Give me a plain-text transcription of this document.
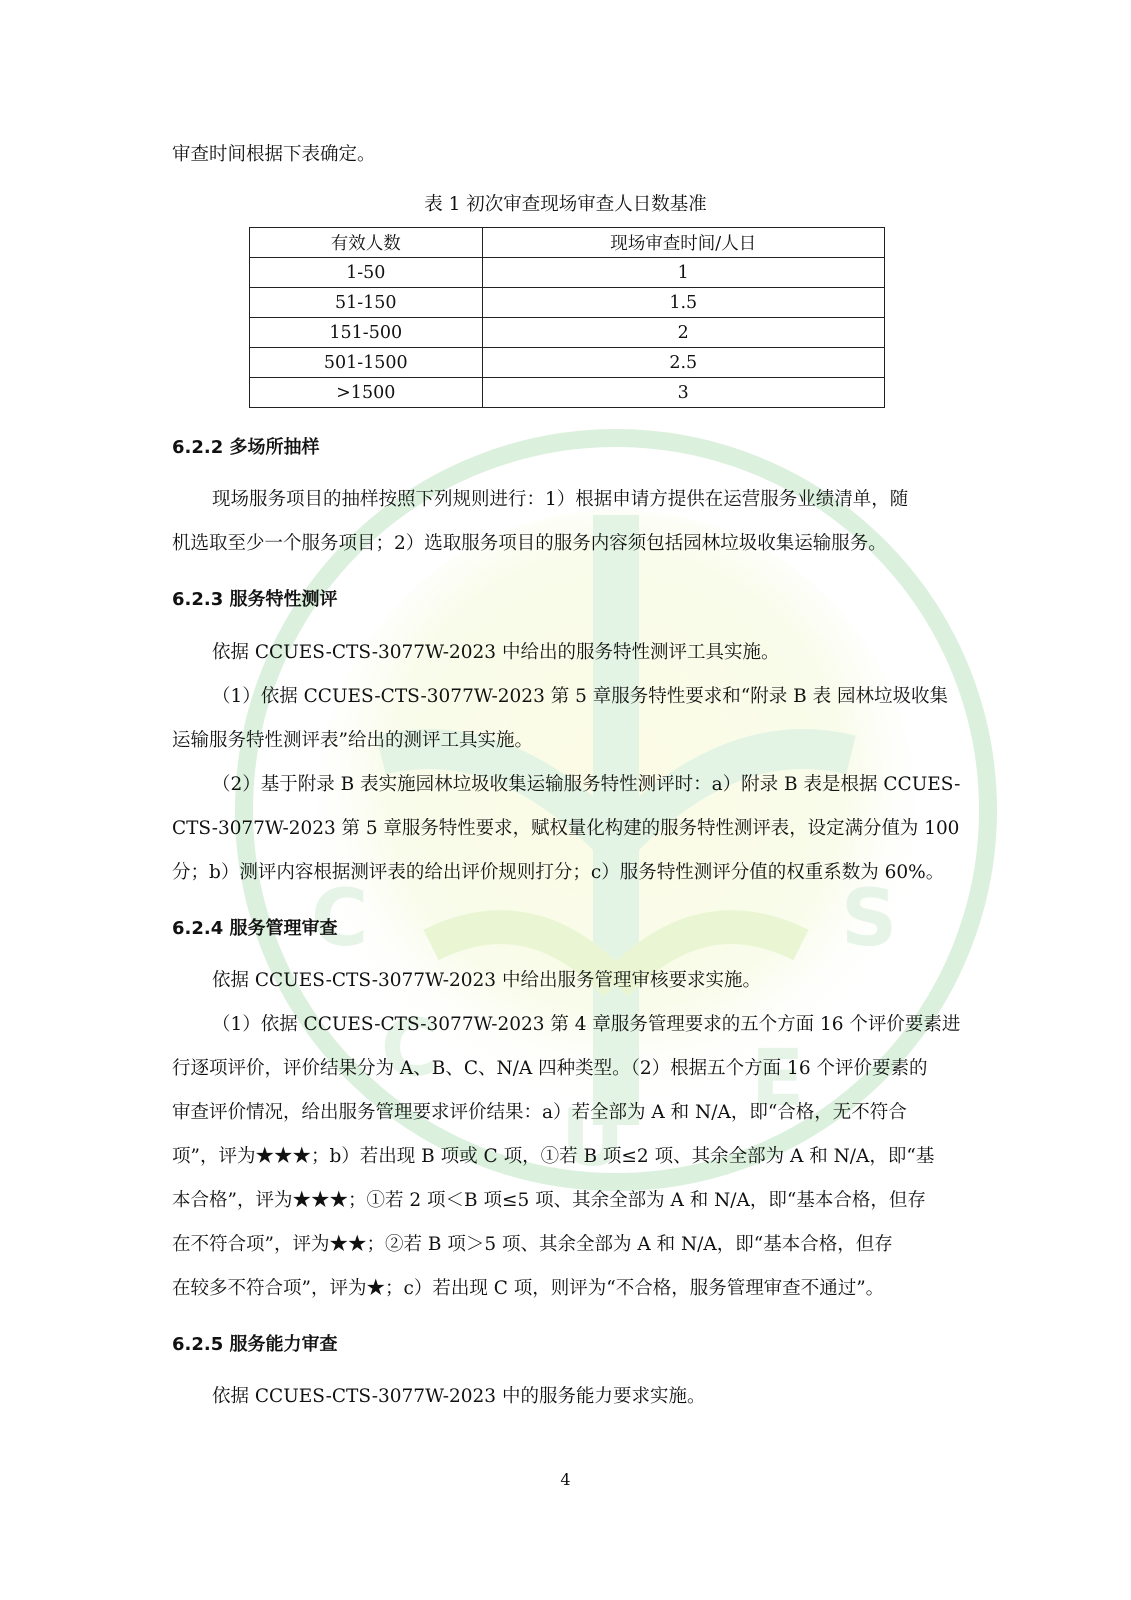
C
C
U
E
S
审查时间根据下表确定。
表 1 初次审查现场审查人日数基准
有效人数	现场审查时间/人日
1-50	1
51-150	1.5
151-500	2
501-1500	2.5
>1500	3
6.2.2 多场所抽样
现场服务项目的抽样按照下列规则进行：1）根据申请方提供在运营服务业绩清单，随
机选取至少一个服务项目；2）选取服务项目的服务内容须包括园林垃圾收集运输服务。
6.2.3 服务特性测评
依据 CCUES-CTS-3077W-2023 中给出的服务特性测评工具实施。
（1）依据 CCUES-CTS-3077W-2023 第 5 章服务特性要求和“附录 B 表 园林垃圾收集
运输服务特性测评表”给出的测评工具实施。
（2）基于附录 B 表实施园林垃圾收集运输服务特性测评时：a）附录 B 表是根据 CCUES-
CTS-3077W-2023 第 5 章服务特性要求，赋权量化构建的服务特性测评表，设定满分值为 100
分；b）测评内容根据测评表的给出评价规则打分；c）服务特性测评分值的权重系数为 60%。
6.2.4 服务管理审查
依据 CCUES-CTS-3077W-2023 中给出服务管理审核要求实施。
（1）依据 CCUES-CTS-3077W-2023 第 4 章服务管理要求的五个方面 16 个评价要素进
行逐项评价，评价结果分为 A、B、C、N/A 四种类型。（2）根据五个方面 16 个评价要素的
审查评价情况，给出服务管理要求评价结果：a）若全部为 A 和 N/A，即“合格，无不符合
项”，评为★★★；b）若出现 B 项或 C 项，①若 B 项≤2 项、其余全部为 A 和 N/A，即“基
本合格”，评为★★★；①若 2 项＜B 项≤5 项、其余全部为 A 和 N/A，即“基本合格，但存
在不符合项”，评为★★；②若 B 项＞5 项、其余全部为 A 和 N/A，即“基本合格，但存
在较多不符合项”，评为★；c）若出现 C 项，则评为“不合格，服务管理审查不通过”。
6.2.5 服务能力审查
依据 CCUES-CTS-3077W-2023 中的服务能力要求实施。
4
